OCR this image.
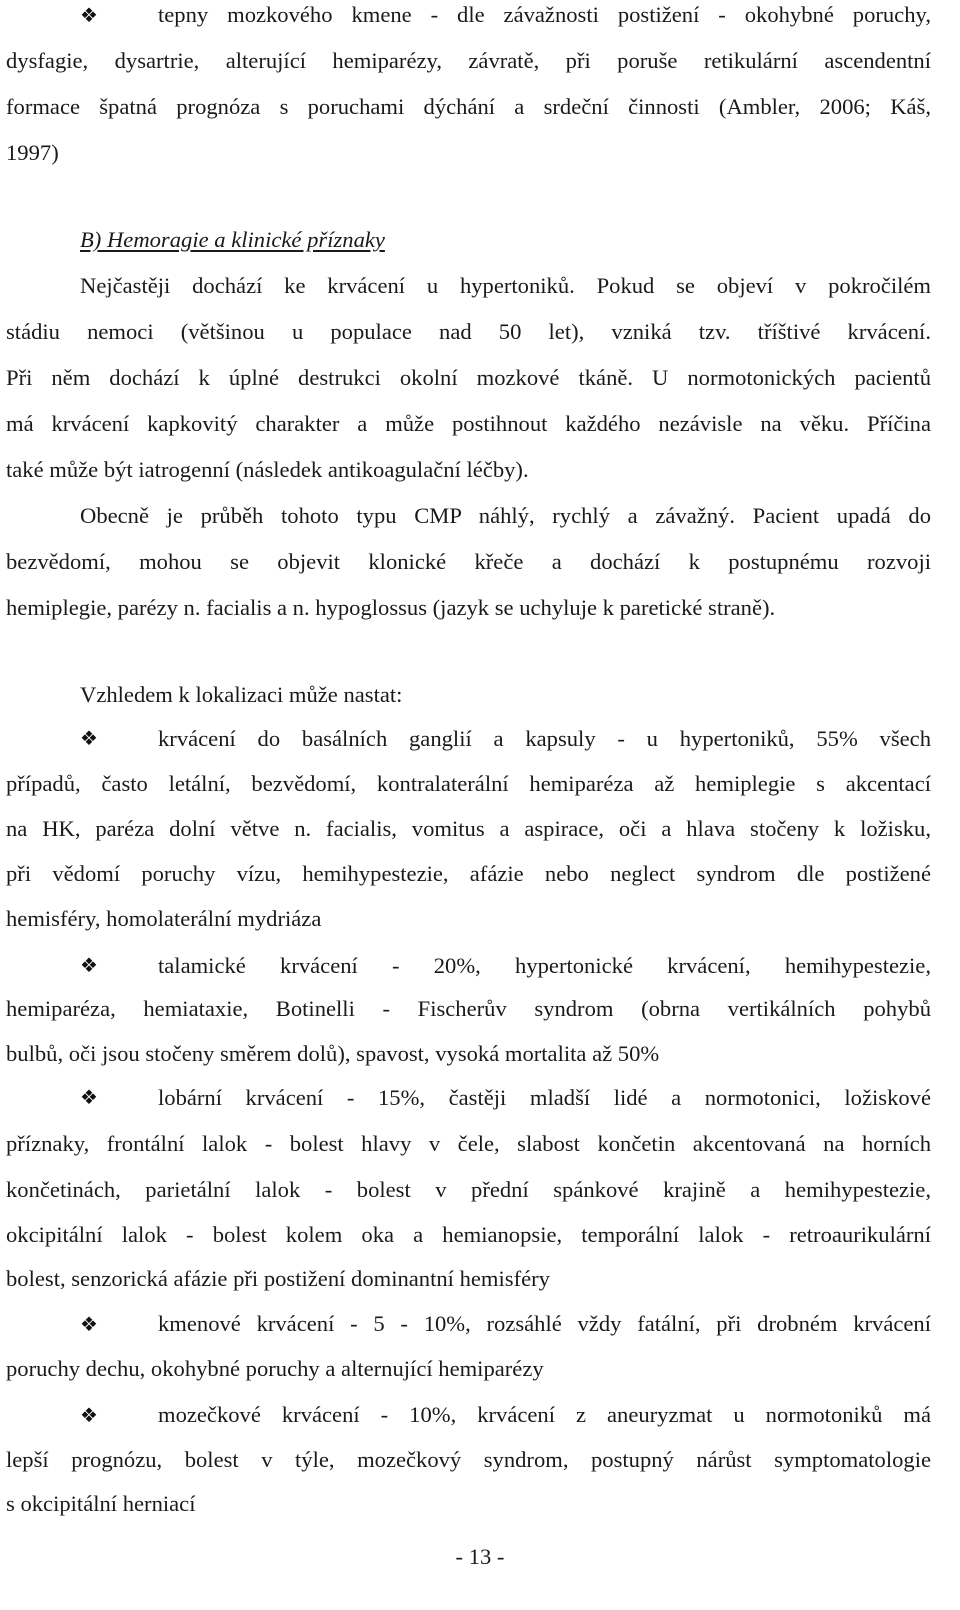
❖	tepny mozkového kmene - dle závažnosti postižení - okohybné poruchy,
dysfagie, dysartrie, alterující hemiparézy, závratě, při poruše retikulární ascendentní
formace špatná prognóza s poruchami dýchání a srdeční činnosti (Ambler, 2006; Káš,
1997)
B) Hemoragie a klinické příznaky
Nejčastěji dochází ke krvácení u hypertoniků. Pokud se objeví v pokročilém
stádiu nemoci (většinou u populace nad 50 let), vzniká tzv. tříštivé krvácení.
Při něm dochází k úplné destrukci okolní mozkové tkáně. U normotonických pacientů
má krvácení kapkovitý charakter a může postihnout každého nezávisle na věku. Příčina
také může být iatrogenní (následek antikoagulační léčby).
Obecně je průběh tohoto typu CMP náhlý, rychlý a závažný. Pacient upadá do
bezvědomí, mohou se objevit klonické křeče a dochází k postupnému rozvoji
hemiplegie, parézy n. facialis a n. hypoglossus (jazyk se uchyluje k paretické straně).
Vzhledem k lokalizaci může nastat:
❖	krvácení do basálních ganglií a kapsuly - u hypertoniků, 55% všech
případů, často letální, bezvědomí, kontralaterální hemiparéza až hemiplegie s akcentací
na HK, paréza dolní větve n. facialis, vomitus a aspirace, oči a hlava stočeny k ložisku,
při vědomí poruchy vízu, hemihypestezie, afázie nebo neglect syndrom dle postižené
hemisféry, homolaterální mydriáza
❖	talamické krvácení - 20%, hypertonické krvácení, hemihypestezie,
hemiparéza, hemiataxie, Botinelli - Fischerův syndrom (obrna vertikálních pohybů
bulbů, oči jsou stočeny směrem dolů), spavost, vysoká mortalita až 50%
❖	lobární krvácení - 15%, častěji mladší lidé a normotonici, ložiskové
příznaky, frontální lalok - bolest hlavy v čele, slabost končetin akcentovaná na horních
končetinách, parietální lalok - bolest v přední spánkové krajině a hemihypestezie,
okcipitální lalok - bolest kolem oka a hemianopsie, temporální lalok - retroaurikulární
bolest, senzorická afázie při postižení dominantní hemisféry
❖	kmenové krvácení - 5 - 10%, rozsáhlé vždy fatální, při drobném krvácení
poruchy dechu, okohybné poruchy a alternující hemiparézy
❖	mozečkové krvácení - 10%, krvácení z aneuryzmat u normotoniků má
lepší prognózu, bolest v týle, mozečkový syndrom, postupný nárůst symptomatologie
s okcipitální herniací
- 13 -
